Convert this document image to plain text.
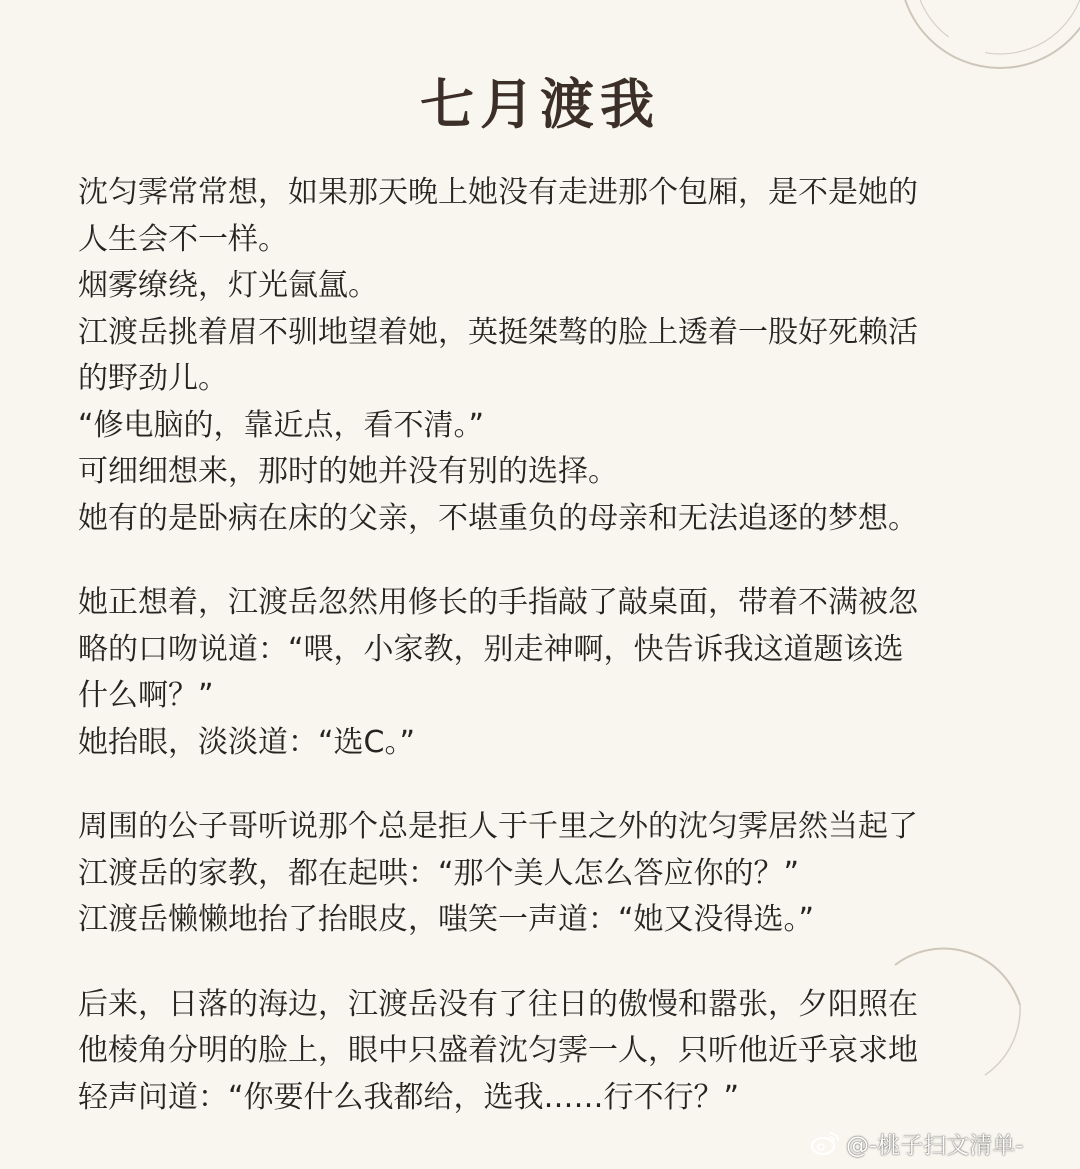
七月渡我

沈匀霁常常想，如果那天晚上她没有走进那个包厢，是不是她的
人生会不一样。
烟雾缭绕，灯光氤氲。
江渡岳挑着眉不驯地望着她，英挺桀骜的脸上透着一股好死赖活
的野劲儿。
“修电脑的，靠近点，看不清。”
可细细想来，那时的她并没有别的选择。
她有的是卧病在床的父亲，不堪重负的母亲和无法追逐的梦想。

她正想着，江渡岳忽然用修长的手指敲了敲桌面，带着不满被忽
略的口吻说道：“喂，小家教，别走神啊，快告诉我这道题该选
什么啊？”
她抬眼，淡淡道：“选C。”

周围的公子哥听说那个总是拒人于千里之外的沈匀霁居然当起了
江渡岳的家教，都在起哄：“那个美人怎么答应你的？”
江渡岳懒懒地抬了抬眼皮，嗤笑一声道：“她又没得选。”

后来，日落的海边，江渡岳没有了往日的傲慢和嚣张，夕阳照在
他棱角分明的脸上，眼中只盛着沈匀霁一人，只听他近乎哀求地
轻声问道：“你要什么我都给，选我……行不行？”

@-桃子扫文清单-
